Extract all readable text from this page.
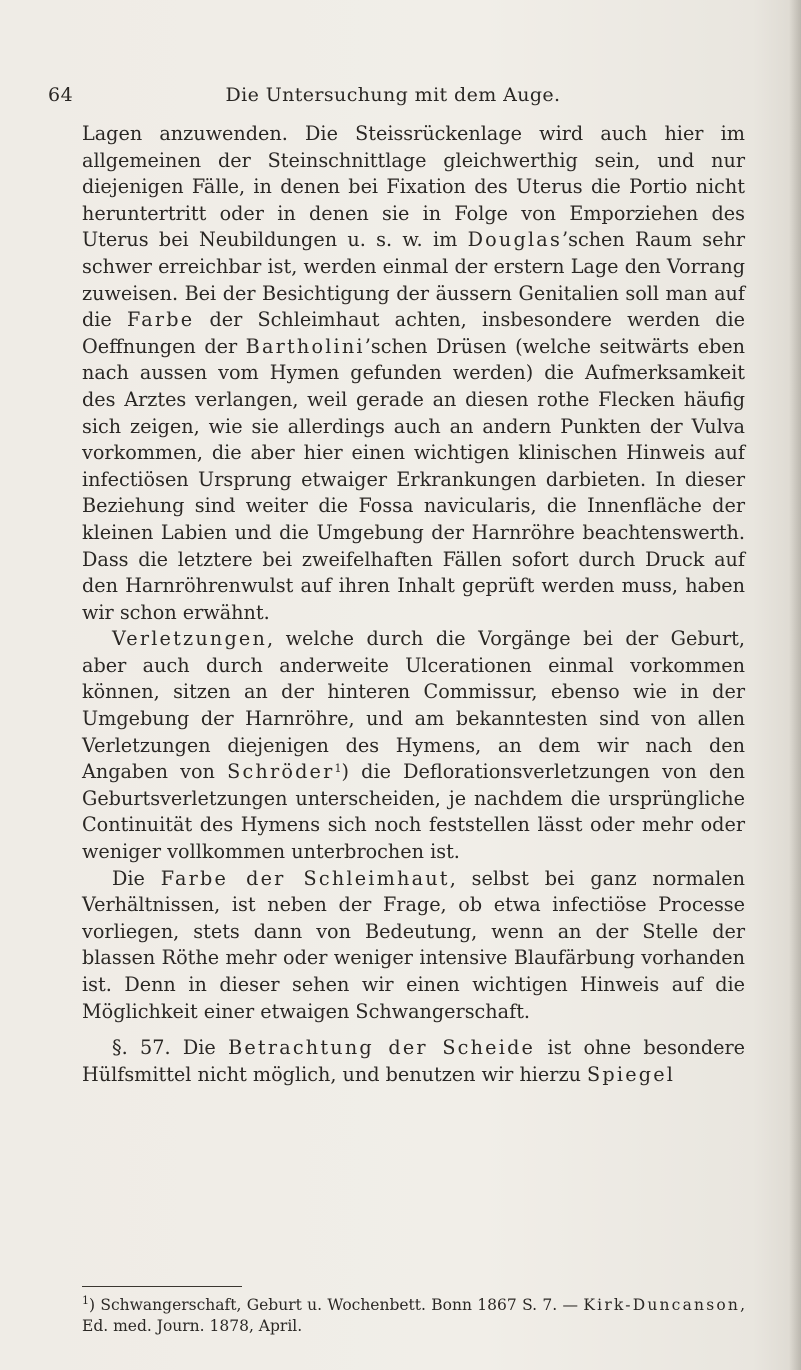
64	Die Untersuchung mit dem Auge.

Lagen anzuwenden. Die Steissrückenlage wird auch hier im allgemeinen der Steinschnittlage gleichwerthig sein, und nur diejenigen Fälle, in denen bei Fixation des Uterus die Portio nicht heruntertritt oder in denen sie in Folge von Emporziehen des Uterus bei Neubildungen u. s. w. im Douglas’schen Raum sehr schwer erreichbar ist, werden einmal der erstern Lage den Vorrang zuweisen. Bei der Besichtigung der äussern Genitalien soll man auf die Farbe der Schleimhaut achten, insbesondere werden die Oeffnungen der Bartholini’schen Drüsen (welche seitwärts eben nach aussen vom Hymen gefunden werden) die Aufmerksamkeit des Arztes verlangen, weil gerade an diesen rothe Flecken häufig sich zeigen, wie sie allerdings auch an andern Punkten der Vulva vorkommen, die aber hier einen wichtigen klinischen Hinweis auf infectiösen Ursprung etwaiger Erkrankungen darbieten. In dieser Beziehung sind weiter die Fossa navicularis, die Innenfläche der kleinen Labien und die Umgebung der Harnröhre beachtenswerth. Dass die letztere bei zweifelhaften Fällen sofort durch Druck auf den Harnröhrenwulst auf ihren Inhalt geprüft werden muss, haben wir schon erwähnt.

Verletzungen, welche durch die Vorgänge bei der Geburt, aber auch durch anderweite Ulcerationen einmal vorkommen können, sitzen an der hinteren Commissur, ebenso wie in der Umgebung der Harnröhre, und am bekanntesten sind von allen Verletzungen diejenigen des Hymens, an dem wir nach den Angaben von Schröder$^1$) die Deflorationsverletzungen von den Geburtsverletzungen unterscheiden, je nachdem die ursprüngliche Continuität des Hymens sich noch feststellen lässt oder mehr oder weniger vollkommen unterbrochen ist.

Die Farbe der Schleimhaut, selbst bei ganz normalen Verhältnissen, ist neben der Frage, ob etwa infectiöse Processe vorliegen, stets dann von Bedeutung, wenn an der Stelle der blassen Röthe mehr oder weniger intensive Blaufärbung vorhanden ist. Denn in dieser sehen wir einen wichtigen Hinweis auf die Möglichkeit einer etwaigen Schwangerschaft.

§. 57. Die Betrachtung der Scheide ist ohne besondere Hülfsmittel nicht möglich, und benutzen wir hierzu Spiegel

$^1$) Schwangerschaft, Geburt u. Wochenbett. Bonn 1867 S. 7. — Kirk-Duncanson, Ed. med. Journ. 1878, April.
